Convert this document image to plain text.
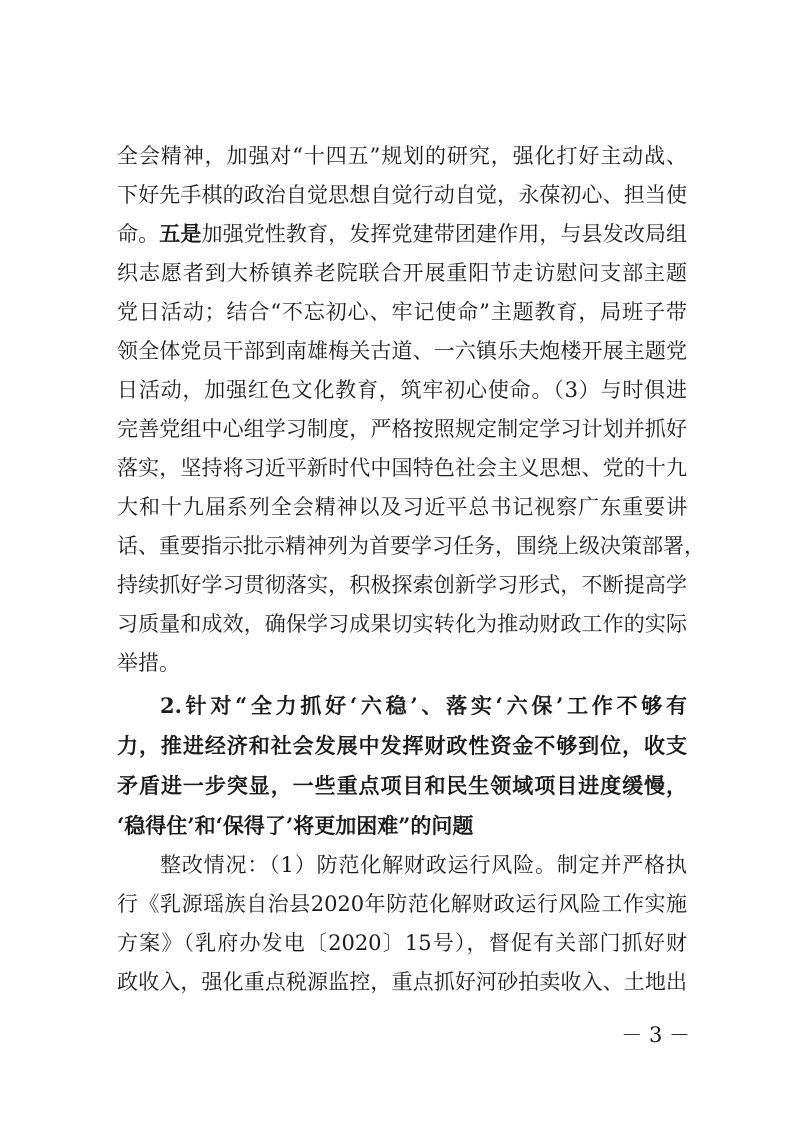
全会精神，加强对“十四五”规划的研究，强化打好主动战、
下好先手棋的政治自觉思想自觉行动自觉，永葆初心、担当使
命。五是加强党性教育，发挥党建带团建作用，与县发改局组
织志愿者到大桥镇养老院联合开展重阳节走访慰问支部主题
党日活动；结合“不忘初心、牢记使命”主题教育，局班子带
领全体党员干部到南雄梅关古道、一六镇乐夫炮楼开展主题党
日活动，加强红色文化教育，筑牢初心使命。（3）与时俱进
完善党组中心组学习制度，严格按照规定制定学习计划并抓好
落实，坚持将习近平新时代中国特色社会主义思想、党的十九
大和十九届系列全会精神以及习近平总书记视察广东重要讲
话、重要指示批示精神列为首要学习任务，围绕上级决策部署，
持续抓好学习贯彻落实，积极探索创新学习形式，不断提高学
习质量和成效，确保学习成果切实转化为推动财政工作的实际
举措。
2.针对“全力抓好‘六稳’、落实‘六保’工作不够有
力，推进经济和社会发展中发挥财政性资金不够到位，收支
矛盾进一步突显，一些重点项目和民生领域项目进度缓慢，
‘稳得住’和‘保得了’将更加困难”的问题
整改情况：（1）防范化解财政运行风险。制定并严格执
行《乳源瑶族自治县2020年防范化解财政运行风险工作实施
方案》（乳府办发电〔2020〕15号），督促有关部门抓好财
政收入，强化重点税源监控，重点抓好河砂拍卖收入、土地出
－ 3 －
